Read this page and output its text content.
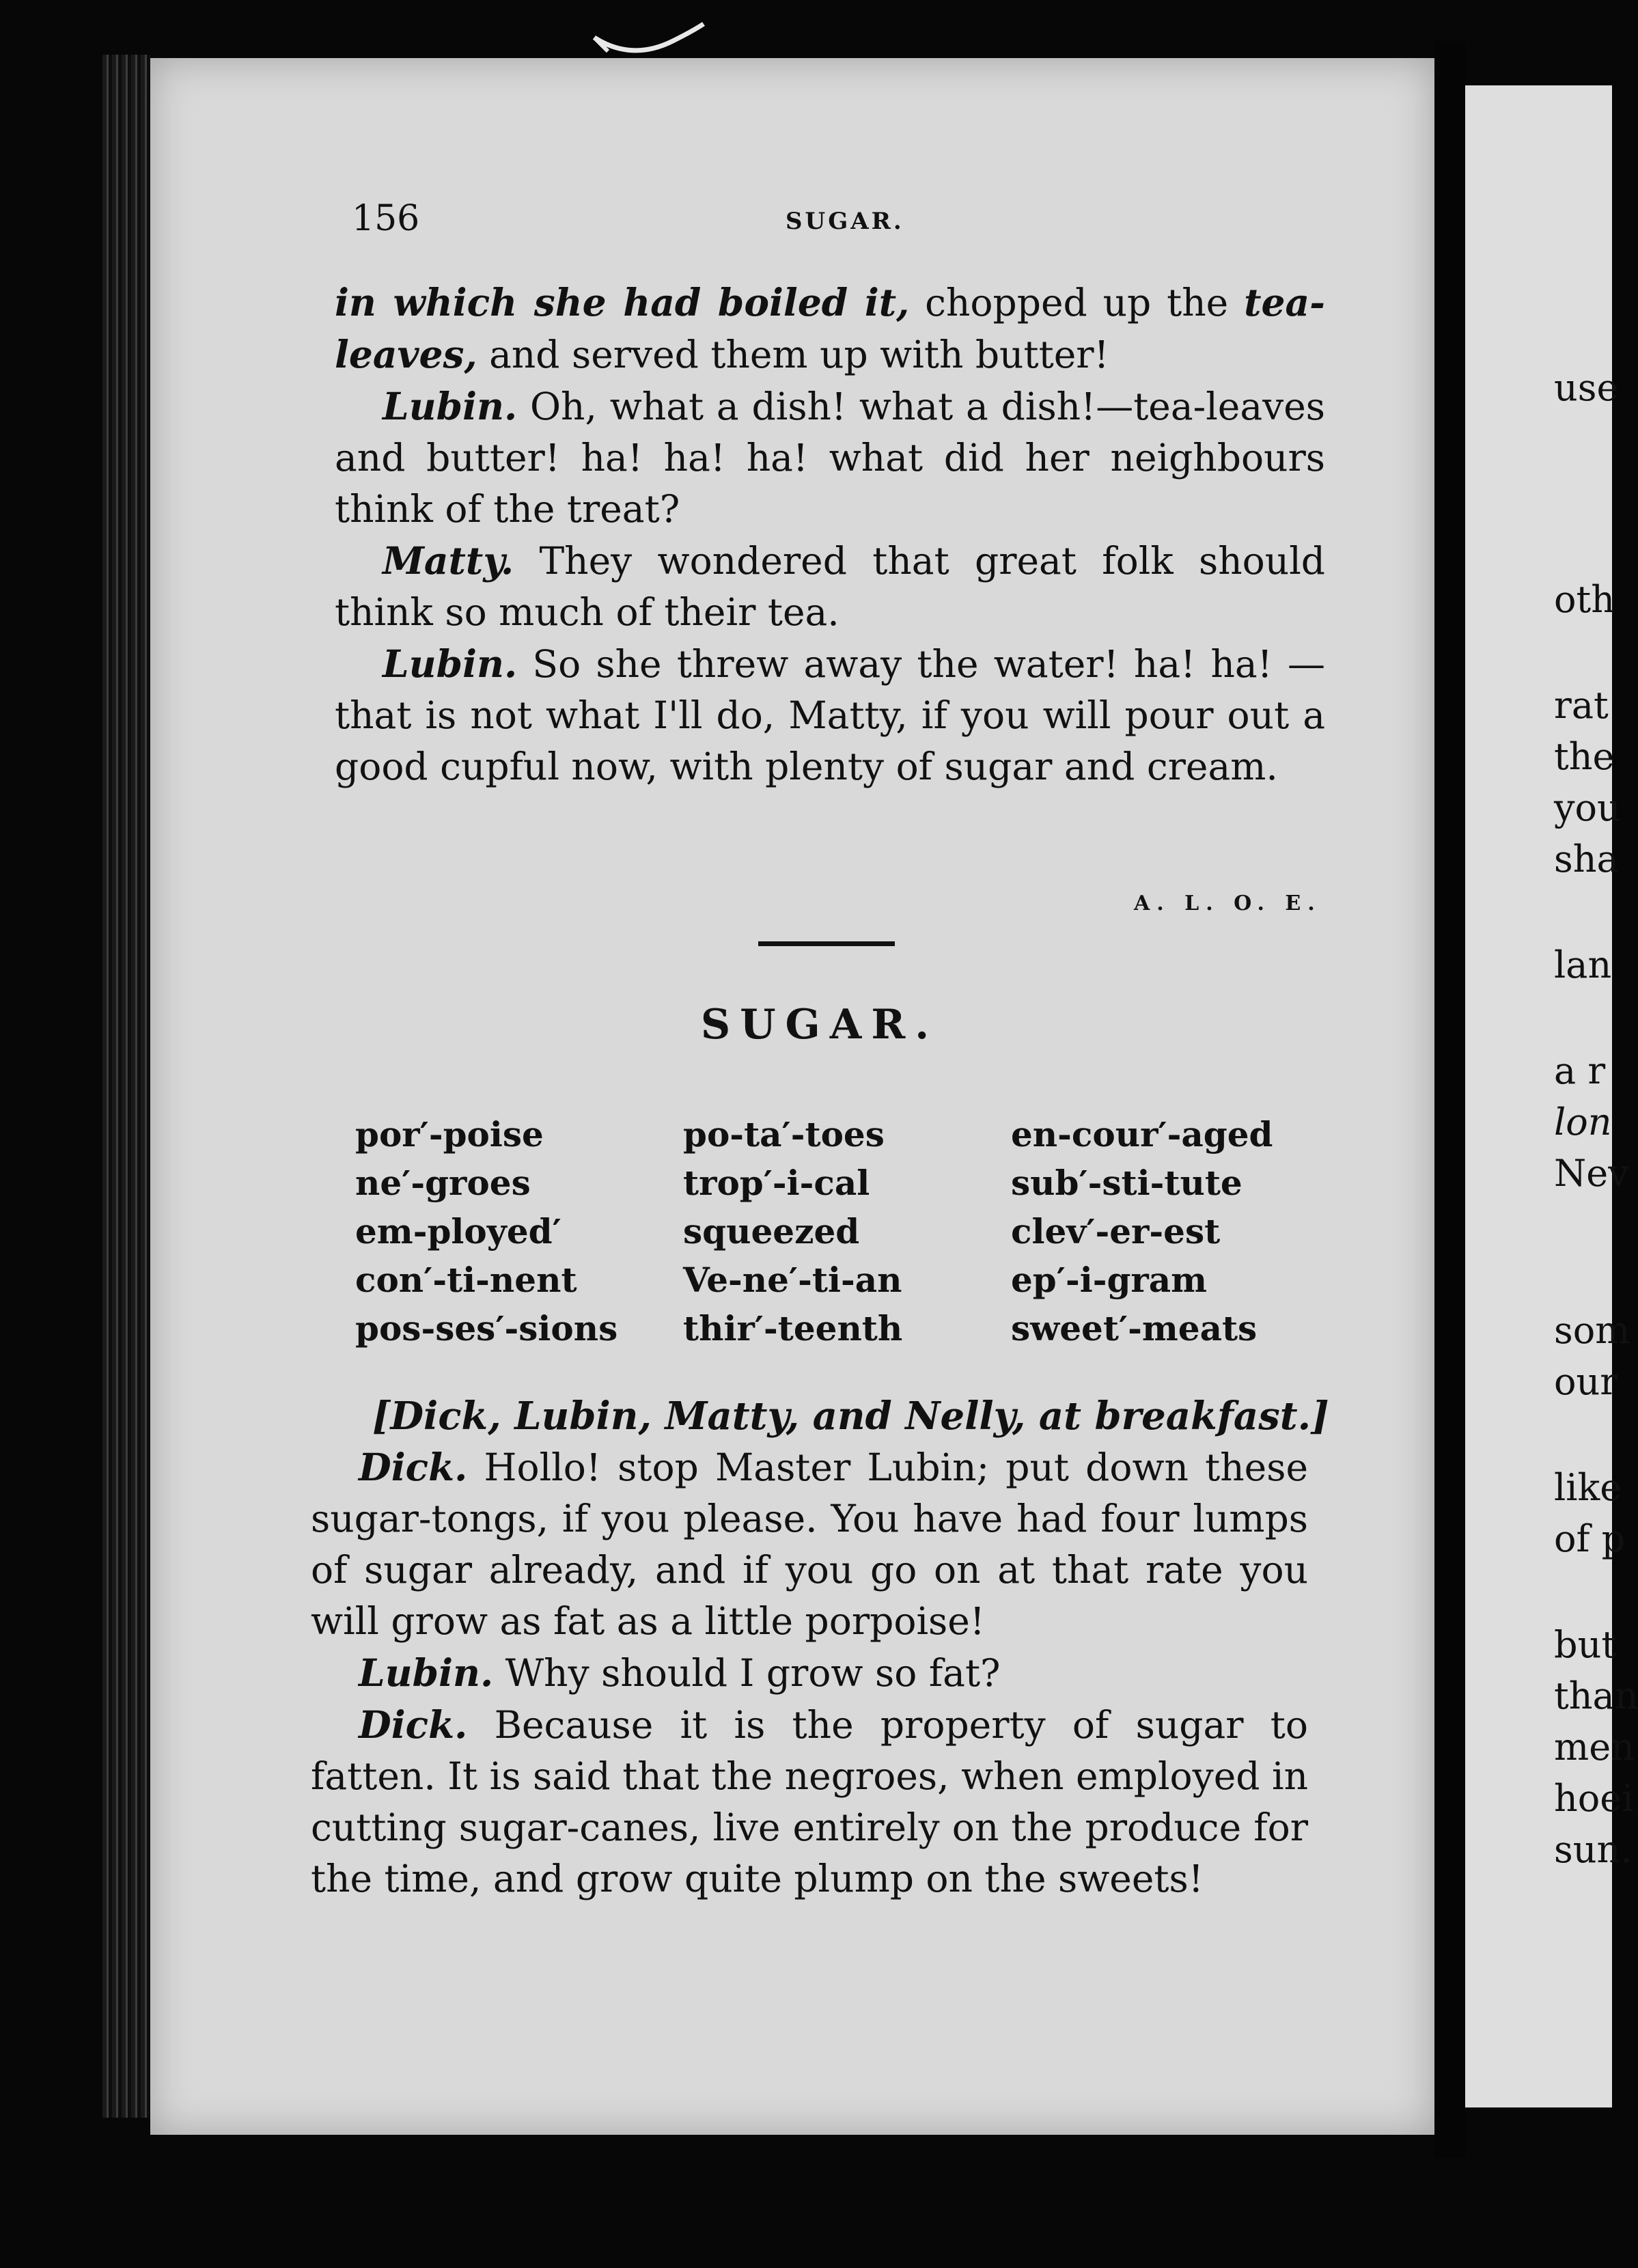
156	SUGAR.

in which she had boiled it, chopped up the tea-leaves, and served them up with butter!

Lubin. Oh, what a dish! what a dish!—tea-leaves and butter! ha! ha! ha! what did her neighbours think of the treat?

Matty. They wondered that great folk should think so much of their tea.

Lubin. So she threw away the water! ha! ha! —that is not what I'll do, Matty, if you will pour out a good cupful now, with plenty of sugar and cream.

A. L. O. E.
SUGAR.
por′-poise
ne′-groes
em-ployed′
con′-ti-nent
pos-ses′-sions
po-ta′-toes
trop′-i-cal
squeezed
Ve-ne′-ti-an
thir′-teenth
en-cour′-aged
sub′-sti-tute
clev′-er-est
ep′-i-gram
sweet′-meats
[Dick, Lubin, Matty, and Nelly, at breakfast.]

Dick. Hollo! stop Master Lubin; put down these sugar-tongs, if you please. You have had four lumps of sugar already, and if you go on at that rate you will grow as fat as a little porpoise!

Lubin. Why should I grow so fat?

Dick. Because it is the property of sugar to fatten. It is said that the negroes, when employed in cutting sugar-canes, live entirely on the produce for the time, and grow quite plump on the sweets!

use
oth
rat
the
you
sha
lan
a r
lon
Nev
som
our
like
of p
but
than
men
hoei
sun.
